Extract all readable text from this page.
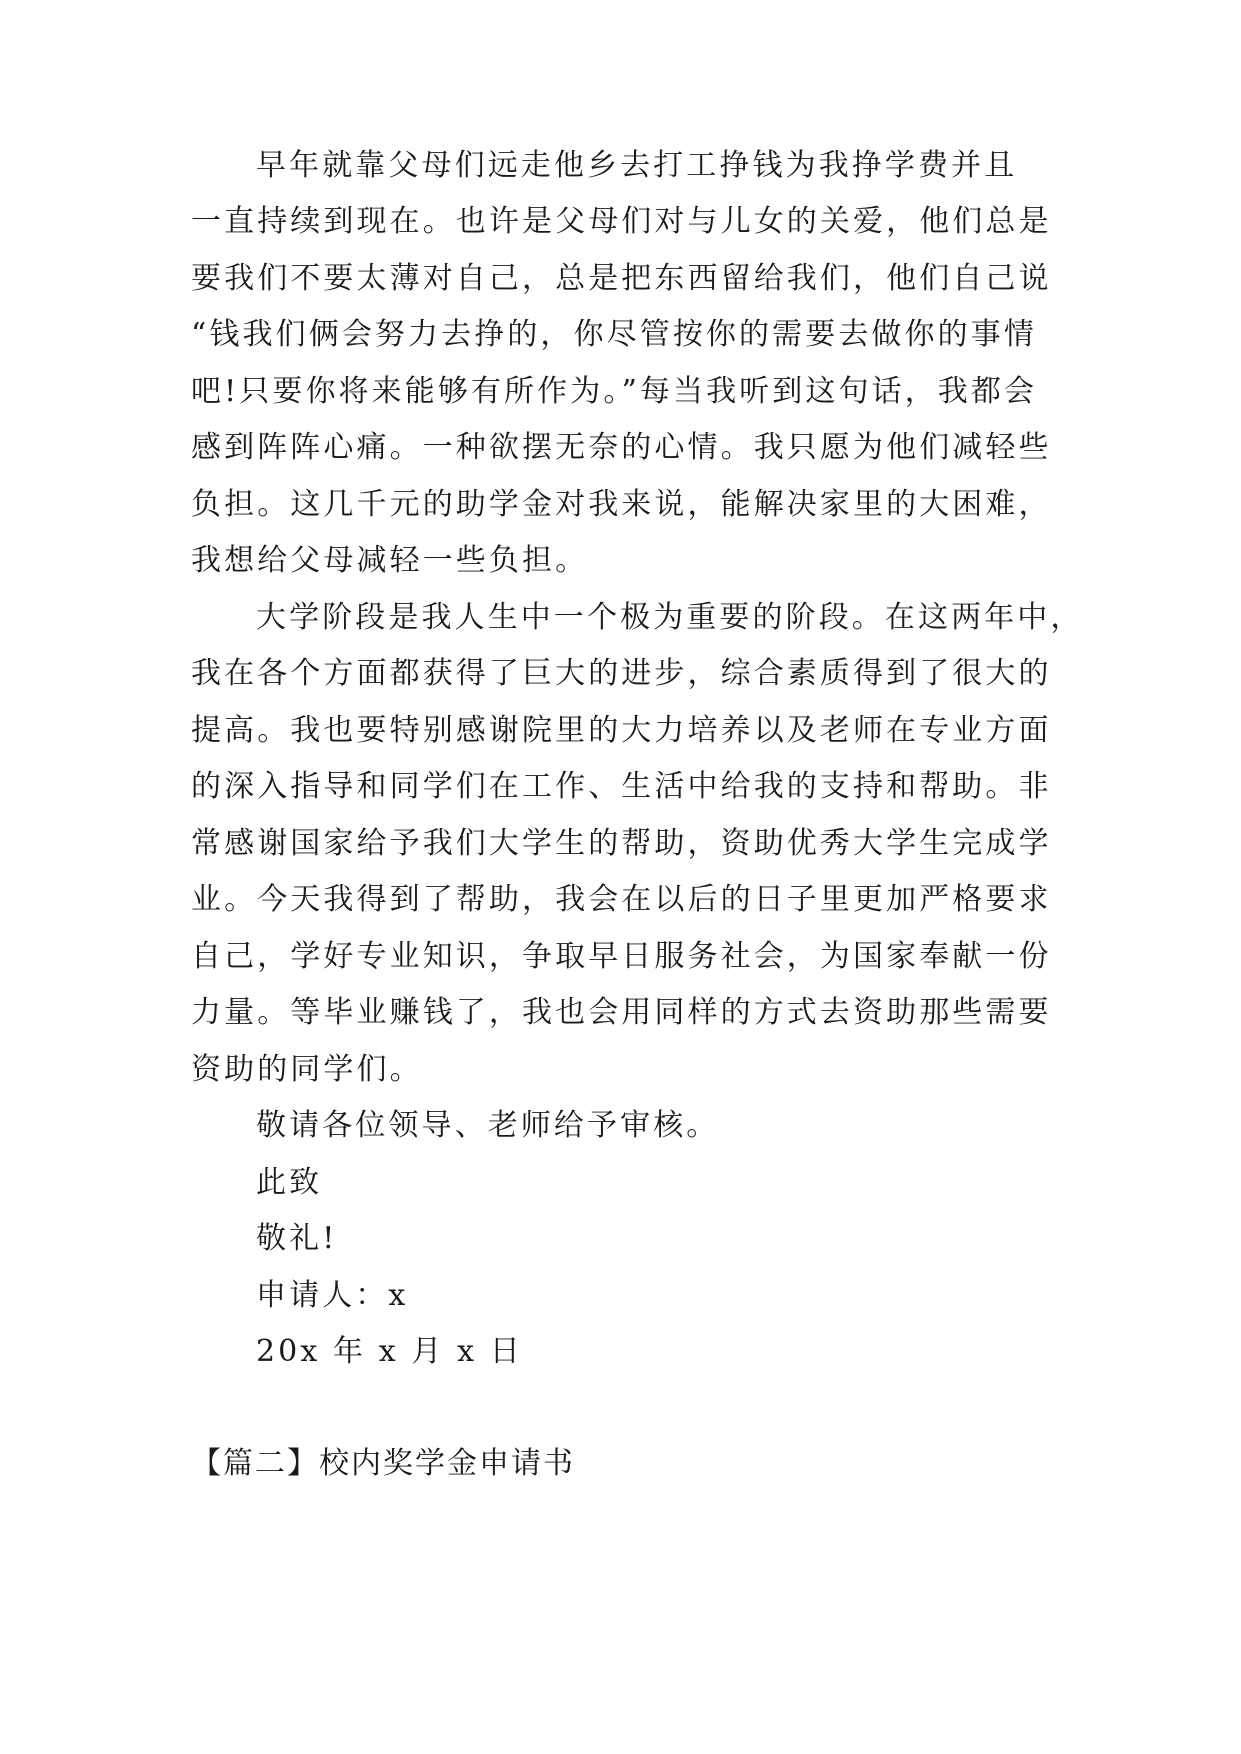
早年就靠父母们远走他乡去打工挣钱为我挣学费并且
一直持续到现在。也许是父母们对与儿女的关爱，他们总是
要我们不要太薄对自己，总是把东西留给我们，他们自己说
“钱我们俩会努力去挣的，你尽管按你的需要去做你的事情
吧!只要你将来能够有所作为。”每当我听到这句话，我都会
感到阵阵心痛。一种欲摆无奈的心情。我只愿为他们减轻些
负担。这几千元的助学金对我来说，能解决家里的大困难，
我想给父母减轻一些负担。
大学阶段是我人生中一个极为重要的阶段。在这两年中，
我在各个方面都获得了巨大的进步，综合素质得到了很大的
提高。我也要特别感谢院里的大力培养以及老师在专业方面
的深入指导和同学们在工作、生活中给我的支持和帮助。非
常感谢国家给予我们大学生的帮助，资助优秀大学生完成学
业。今天我得到了帮助，我会在以后的日子里更加严格要求
自己，学好专业知识，争取早日服务社会，为国家奉献一份
力量。等毕业赚钱了，我也会用同样的方式去资助那些需要
资助的同学们。
敬请各位领导、老师给予审核。
此致
敬礼!
申请人：x
20x 年 x 月 x 日
【篇二】校内奖学金申请书
